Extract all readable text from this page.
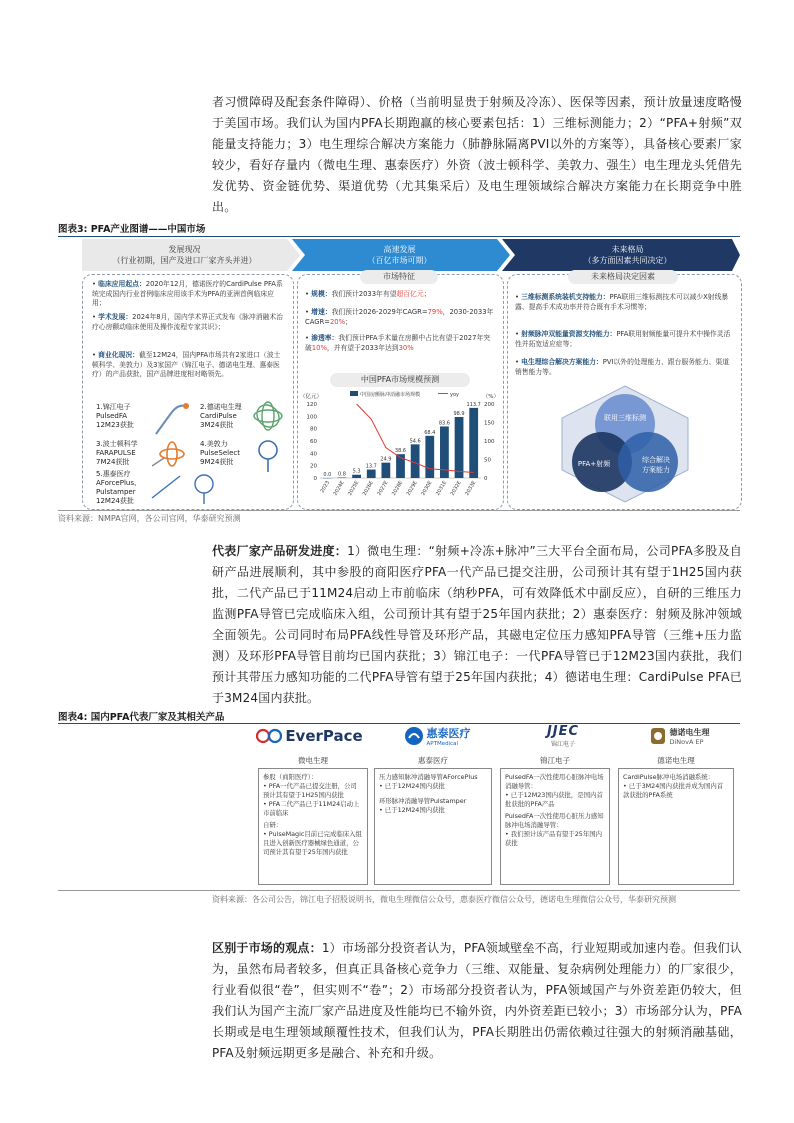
者习惯障碍及配套条件障碍）、价格（当前明显贵于射频及冷冻）、医保等因素，预计放量速度略慢于美国市场。我们认为国内PFA长期跑赢的核心要素包括：1）三维标测能力；2）“PFA+射频”双能量支持能力；3）电生理综合解决方案能力（肺静脉隔离PVI以外的方案等），具备核心要素厂家较少，看好存量内（微电生理、惠泰医疗）外资（波士顿科学、美敦力、强生）电生理龙头凭借先发优势、资金链优势、渠道优势（尤其集采后）及电生理领域综合解决方案能力在长期竞争中胜出。
图表3: PFA产业图谱——中国市场
发展现况
（行业初期，国产及进口厂家齐头并进）
高速发展
（百亿市场可期）
未来格局
（多方面因素共同决定）
• 临床应用起点：2020年12月，德诺医疗的CardiPulse PFA系统完成国内行业首例临床应用该手术为PFA的亚洲首例临床应用；
• 学术发展：2024年8月，国内学术界正式发布《脉冲消融术治疗心房颤动临床使用及操作流程专家共识》；
• 商业化现况：截至12M24，国内PFA市场共有2家进口（波士顿科学、美敦力）及3家国产（锦江电子、德诺电生理、惠泰医疗）的产品获批，国产品牌进度相对略领先。
1.锦江电子
PulsedFA
12M23获批
2.德诺电生理
CardiPulse
3M24获批
3.波士顿科学
FARAPULSE
7M24获批
4.美敦力
PulseSelect
9M24获批
5.惠泰医疗
AForcePlus、Pulstamper
12M24获批
市场特征
• 规模：我们预计2033年有望超百亿元；
• 增速：我们预计2026-2029年CAGR=79%，2030-2033年CAGR=20%；
• 渗透率：我们预计PFA手术量在房颤中占比有望于2027年突破10%，并有望于2033年达到30%
中国PFA市场规模预测
（亿元）	（%）
中国房颤脉冲消融市场规模	yoy
0
20
40
60
80
100
120
0
50
100
150
200
0.0
2023
0.8
2024E
5.3
2025E
13.7
2026E
24.9
2027E
38.6
2028E
54.6
2029E
68.4
2030E
83.6
2031E
98.9
2032E
113.7
2033E
未来格局决定因素
• 三维标测系统装机支持能力：PFA联用三维标测技术可以减少X射线暴露、提高手术成功率并符合既有手术习惯等；
• 射频脉冲双能量资源支持能力：PFA联用射频能量可提升术中操作灵活性并拓宽适应症等；
• 电生理综合解决方案能力：PVI以外的处理能力、跟台服务能力、渠道销售能力等。
联用三维标测
PFA+射频	综合解决
方案能力
资料来源：NMPA官网，各公司官网，华泰研究预测
代表厂家产品研发进度：1）微电生理：“射频+冷冻+脉冲”三大平台全面布局，公司PFA多股及自研产品进展顺利，其中参股的商阳医疗PFA一代产品已提交注册，公司预计其有望于1H25国内获批，二代产品已于11M24启动上市前临床（纳秒PFA，可有效降低术中副反应），自研的三维压力监测PFA导管已完成临床入组，公司预计其有望于25年国内获批；2）惠泰医疗：射频及脉冲领域全面领先。公司同时布局PFA线性导管及环形产品，其磁电定位压力感知PFA导管（三维+压力监测）及环形PFA导管目前均已国内获批；3）锦江电子：一代PFA导管已于12M23国内获批，我们预计其带压力感知功能的二代PFA导管有望于25年国内获批；4）德诺电生理：CardiPulse PFA已于3M24国内获批。
图表4: 国内PFA代表厂家及其相关产品
EverPace	惠泰医疗
APTMedical
JJEC
锦江电子
德诺电生理
DiNovA EP
微电生理	惠泰医疗	锦江电子	德诺电生理
参股（商阳医疗）：
• PFA一代产品已提交注册，公司预计其有望于1H25国内获批
• PFA二代产品已于11M24启动上市前临床
自研：
• PulseMagic目前已完成临床入组且进入创新医疗器械绿色通道，公司预计其有望于25年国内获批
压力感知脉冲消融导管AForcePlus
• 已于12M24国内获批
环形脉冲消融导管Pulstamper
• 已于12M24国内获批
PulsedFA一次性使用心脏脉冲电场消融导管：
• 已于12M23国内获批，是国内首批获批的PFA产品
PulsedFA一次性使用心脏压力感知脉冲电场消融导管：
• 我们预计该产品有望于25年国内获批
CardiPulse脉冲电场消融系统：
• 已于3M24国内获批并成为国内首款获批的PFA系统
资料来源：各公司公告，锦江电子招股说明书，微电生理微信公众号，惠泰医疗微信公众号，德诺电生理微信公众号，华泰研究预测
区别于市场的观点：1）市场部分投资者认为，PFA领域壁垒不高，行业短期或加速内卷。但我们认为，虽然布局者较多，但真正具备核心竞争力（三维、双能量、复杂病例处理能力）的厂家很少，行业看似很“卷”，但实则不“卷”；2）市场部分投资者认为，PFA领域国产与外资差距仍较大，但我们认为国产主流厂家产品进度及性能均已不输外资，内外资差距已较小；3）市场部分认为，PFA长期或是电生理领域颠覆性技术，但我们认为，PFA长期胜出仍需依赖过往强大的射频消融基础，PFA及射频远期更多是融合、补充和升级。
